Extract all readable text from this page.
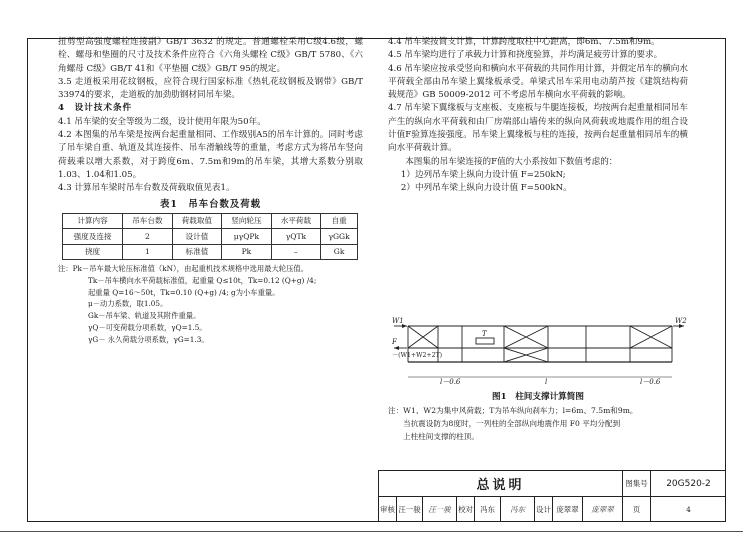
扭剪型高强度螺栓连接副》GB/T 3632 的规定。普通螺栓采用C级4.6级，螺栓、螺母和垫圈的尺寸及技术条件应符合《六角头螺栓 C级》GB/T 5780、《六角螺母 C级》GB/T 41和《平垫圈 C级》GB/T 95的规定。

3.5 走道板采用花纹钢板，应符合现行国家标准《热轧花纹钢板及钢带》GB/T 33974的要求，走道板的加劲肋钢材同吊车梁。

4　设计技术条件

4.1 吊车梁的安全等级为二级，设计使用年限为50年。

4.2 本图集的吊车梁是按两台起重量相同、工作级别A5的吊车计算的。同时考虑了吊车梁自重、轨道及其连接件、吊车滑触线等的重量，考虑方式为将吊车竖向荷载乘以增大系数，对于跨度6m、7.5m和9m的吊车梁，其增大系数分别取1.03、1.04和1.05。

4.3 计算吊车梁时吊车台数及荷载取值见表1。

表1　吊车台数及荷载
计算内容	吊车台数	荷载取值	竖向轮压	水平荷载	自重
强度及连接	2	设计值	μγQPk	γQTk	γGGk
挠度	1	标准值	Pk	–	Gk

注：Pk－吊车最大轮压标准值（kN），由起重机技术规格中选用最大轮压值。

Tk－吊车横向水平荷载标准值，起重量 Q≤10t，Tk=0.12 (Q+g) /4;

起重量 Q=16～50t，Tk=0.10 (Q+g) /4; g为小车重量。

μ－动力系数，取1.05。

Gk－吊车梁、轨道及其附件重量。

γQ－可变荷载分项系数，γQ=1.5。

γG－ 永久荷载分项系数，γG=1.3。

4.4 吊车梁按简支计算，计算跨度取柱中心距离，即6m、7.5m和9m。

4.5 吊车梁均进行了承载力计算和挠度验算，并均满足疲劳计算的要求。

4.6 吊车梁应按承受竖向和横向水平荷载的共同作用计算，并假定吊车的横向水平荷载全部由吊车梁上翼缘板承受。单梁式吊车采用电动葫芦按《建筑结构荷载规范》GB 50009-2012 可不考虑吊车横向水平荷载的影响。

4.7 吊车梁下翼缘板与支座板、支座板与牛腿连接板，均按两台起重量相同吊车产生的纵向水平荷载和由厂房端部山墙传来的纵向风荷载或地震作用的组合设计值F验算连接强度。吊车梁上翼缘板与柱的连接，按两台起重量相同吊车的横向水平荷载计算。

本图集的吊车梁连接的F值的大小系按如下数值考虑的：

1）边列吊车梁上纵向力设计值 F=250kN;

2）中列吊车梁上纵向力设计值 F=500kN。

W1	W2
F
－(W1+W2+2T)
T
l－0.6	l	l－0.6
图1　柱间支撑计算简图

注：W1、W2为集中风荷载；T为吊车纵向刹车力；l=6m、7.5m和9m。

当抗震设防为8度时，一列柱的全部纵向地震作用 F0 平均分配到

上柱柱间支撑的柱顶。

总说明	图集号	20G520-2
审核 汪一骏	汪一骏	校对 冯东	冯东	设计 庞翠翠	庞翠翠	页	4
